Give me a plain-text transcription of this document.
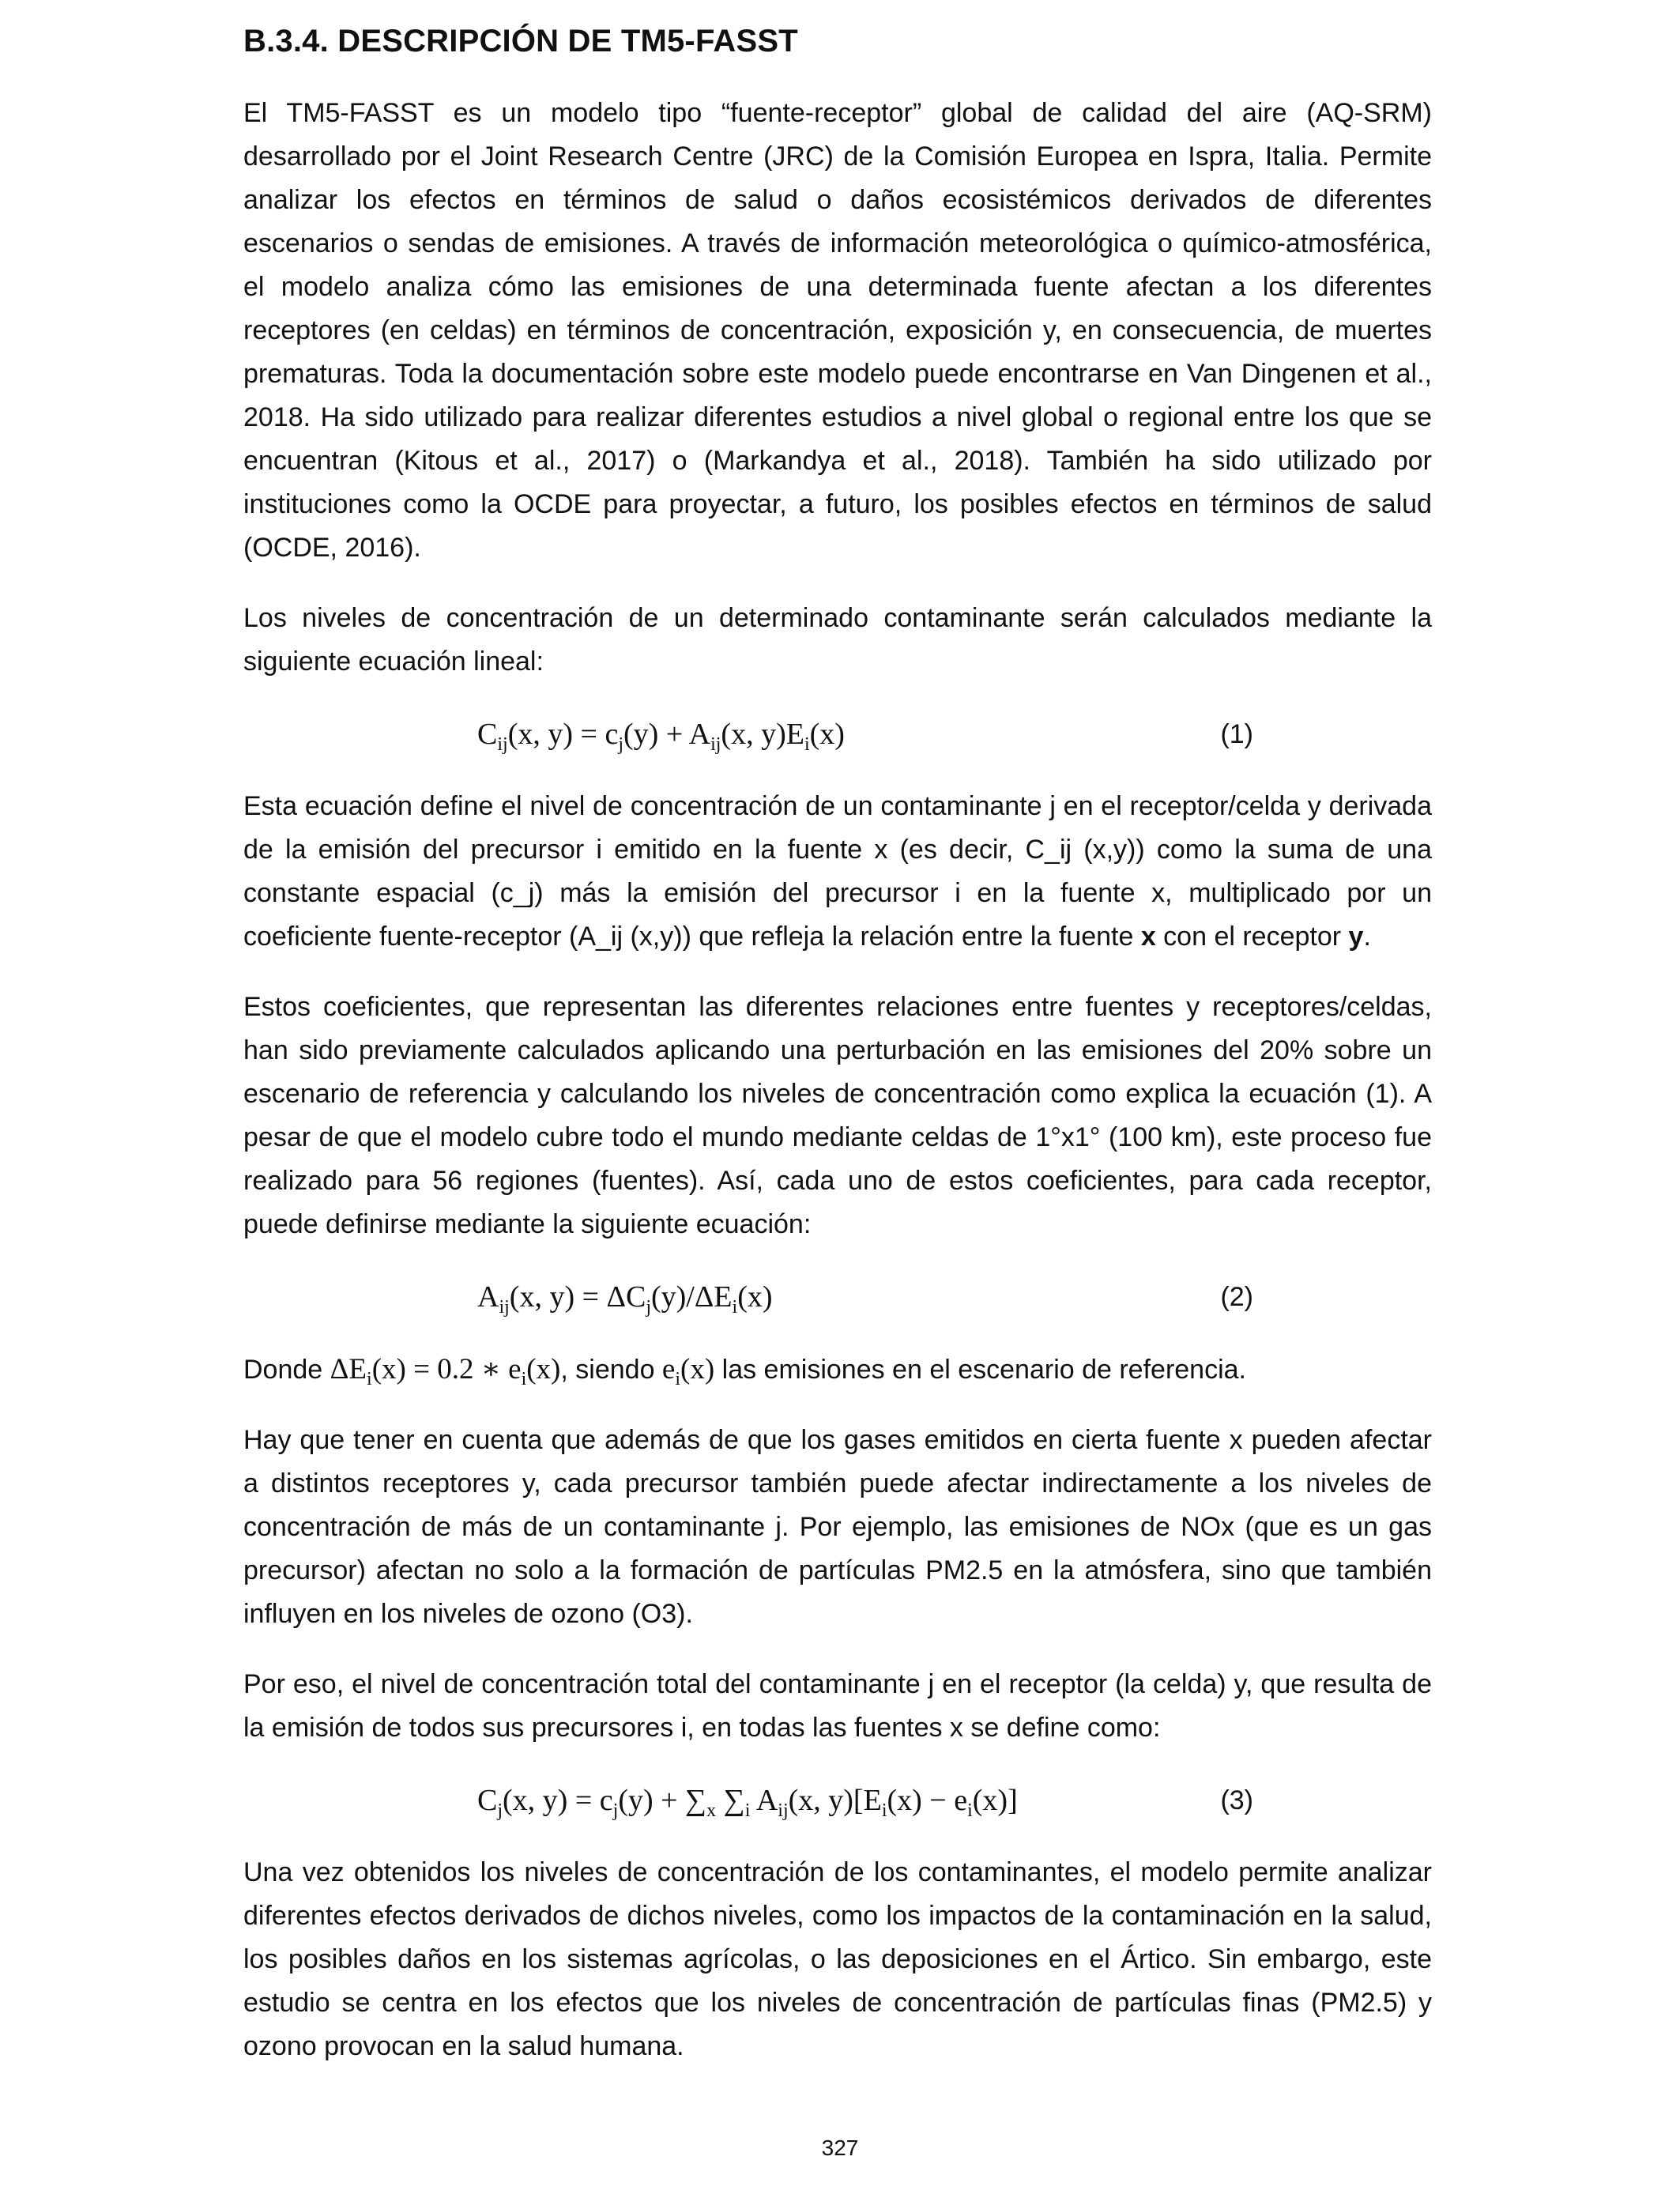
B.3.4. DESCRIPCIÓN DE TM5-FASST

El TM5-FASST es un modelo tipo “fuente-receptor” global de calidad del aire (AQ-SRM) desarrollado por el Joint Research Centre (JRC) de la Comisión Europea en Ispra, Italia. Permite analizar los efectos en términos de salud o daños ecosistémicos derivados de diferentes escenarios o sendas de emisiones. A través de información meteorológica o químico-atmosférica, el modelo analiza cómo las emisiones de una determinada fuente afectan a los diferentes receptores (en celdas) en términos de concentración, exposición y, en consecuencia, de muertes prematuras. Toda la documentación sobre este modelo puede encontrarse en Van Dingenen et al., 2018. Ha sido utilizado para realizar diferentes estudios a nivel global o regional entre los que se encuentran (Kitous et al., 2017) o (Markandya et al., 2018). También ha sido utilizado por instituciones como la OCDE para proyectar, a futuro, los posibles efectos en términos de salud (OCDE, 2016).

Los niveles de concentración de un determinado contaminante serán calculados mediante la siguiente ecuación lineal:

$C_{ij}(x$, $y) = c_j(y) + A_{ij}(x$, $y)E_i(x)$	(1)

Esta ecuación define el nivel de concentración de un contaminante j en el receptor/celda y derivada de la emisión del precursor i emitido en la fuente x (es decir, C_ij (x,y)) como la suma de una constante espacial (c_j) más la emisión del precursor i en la fuente x, multiplicado por un coeficiente fuente-receptor (A_ij (x,y)) que refleja la relación entre la fuente x con el receptor y.

Estos coeficientes, que representan las diferentes relaciones entre fuentes y receptores/celdas, han sido previamente calculados aplicando una perturbación en las emisiones del 20% sobre un escenario de referencia y calculando los niveles de concentración como explica la ecuación (1). A pesar de que el modelo cubre todo el mundo mediante celdas de 1°x1° (100 km), este proceso fue realizado para 56 regiones (fuentes). Así, cada uno de estos coeficientes, para cada receptor, puede definirse mediante la siguiente ecuación:

$A_{ij}(x$, $y) = \Delta C_j(y)/\Delta E_i(x)$	(2)

Donde $\Delta E_i(x) = 0.2$ ∗ $e_i(x)$, siendo $e_i(x)$ las emisiones en el escenario de referencia.

Hay que tener en cuenta que además de que los gases emitidos en cierta fuente x pueden afectar a distintos receptores y, cada precursor también puede afectar indirectamente a los niveles de concentración de más de un contaminante j. Por ejemplo, las emisiones de NOx (que es un gas precursor) afectan no solo a la formación de partículas PM2.5 en la atmósfera, sino que también influyen en los niveles de ozono (O3).

Por eso, el nivel de concentración total del contaminante j en el receptor (la celda) y, que resulta de la emisión de todos sus precursores i, en todas las fuentes x se define como:

$C_j(x$, $y) = c_j(y) + \sum_x$ $\sum_i$ $A_{ij}(x$, $y)[E_i(x) - e_i(x)]$	(3)

Una vez obtenidos los niveles de concentración de los contaminantes, el modelo permite analizar diferentes efectos derivados de dichos niveles, como los impactos de la contaminación en la salud, los posibles daños en los sistemas agrícolas, o las deposiciones en el Ártico. Sin embargo, este estudio se centra en los efectos que los niveles de concentración de partículas finas (PM2.5) y ozono provocan en la salud humana.

327
